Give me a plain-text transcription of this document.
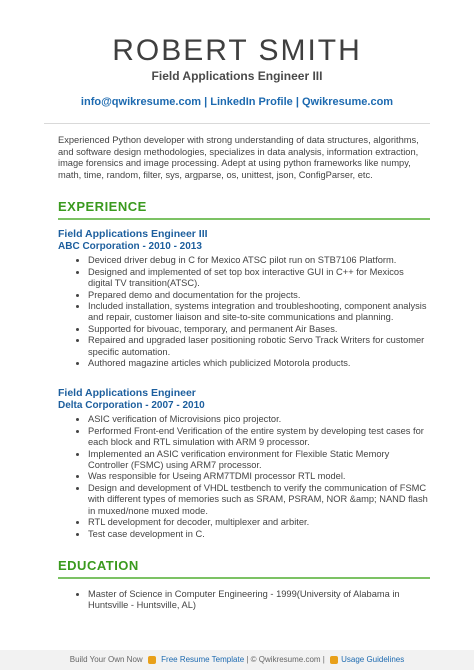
ROBERT SMITH
Field Applications Engineer III
info@qwikresume.com | LinkedIn Profile | Qwikresume.com
Experienced Python developer with strong understanding of data structures, algorithms, and software design methodologies, specializes in data analysis, information extraction, image forensics and image processing. Adept at using python frameworks like numpy, math, time, random, filter, sys, argparse, os, unittest, json, ConfigParser, etc.
EXPERIENCE
Field Applications Engineer III
ABC Corporation - 2010 - 2013
• Deviced driver debug in C for Mexico ATSC pilot run on STB7106 Platform.
• Designed and implemented of set top box interactive GUI in C++ for Mexicos digital TV transition(ATSC).
• Prepared demo and documentation for the projects.
• Included installation, systems integration and troubleshooting, component analysis and repair, customer liaison and site-to-site communications and planning.
• Supported for bivouac, temporary, and permanent Air Bases.
• Repaired and upgraded laser positioning robotic Servo Track Writers for customer specific automation.
• Authored magazine articles which publicized Motorola products.
Field Applications Engineer
Delta Corporation - 2007 - 2010
• ASIC verification of Microvisions pico projector.
• Performed Front-end Verification of the entire system by developing test cases for each block and RTL simulation with ARM 9 processor.
• Implemented an ASIC verification environment for Flexible Static Memory Controller (FSMC) using ARM7 processor.
• Was responsible for Useing ARM7TDMI processor RTL model.
• Design and development of VHDL testbench to verify the communication of FSMC with different types of memories such as SRAM, PSRAM, NOR &amp; NAND flash in muxed/none muxed mode.
• RTL development for decoder, multiplexer and arbiter.
• Test case development in C.
EDUCATION
• Master of Science in Computer Engineering - 1999(University of Alabama in Huntsville - Huntsville, AL)
Build Your Own Now Free Resume Template | © Qwikresume.com | Usage Guidelines
